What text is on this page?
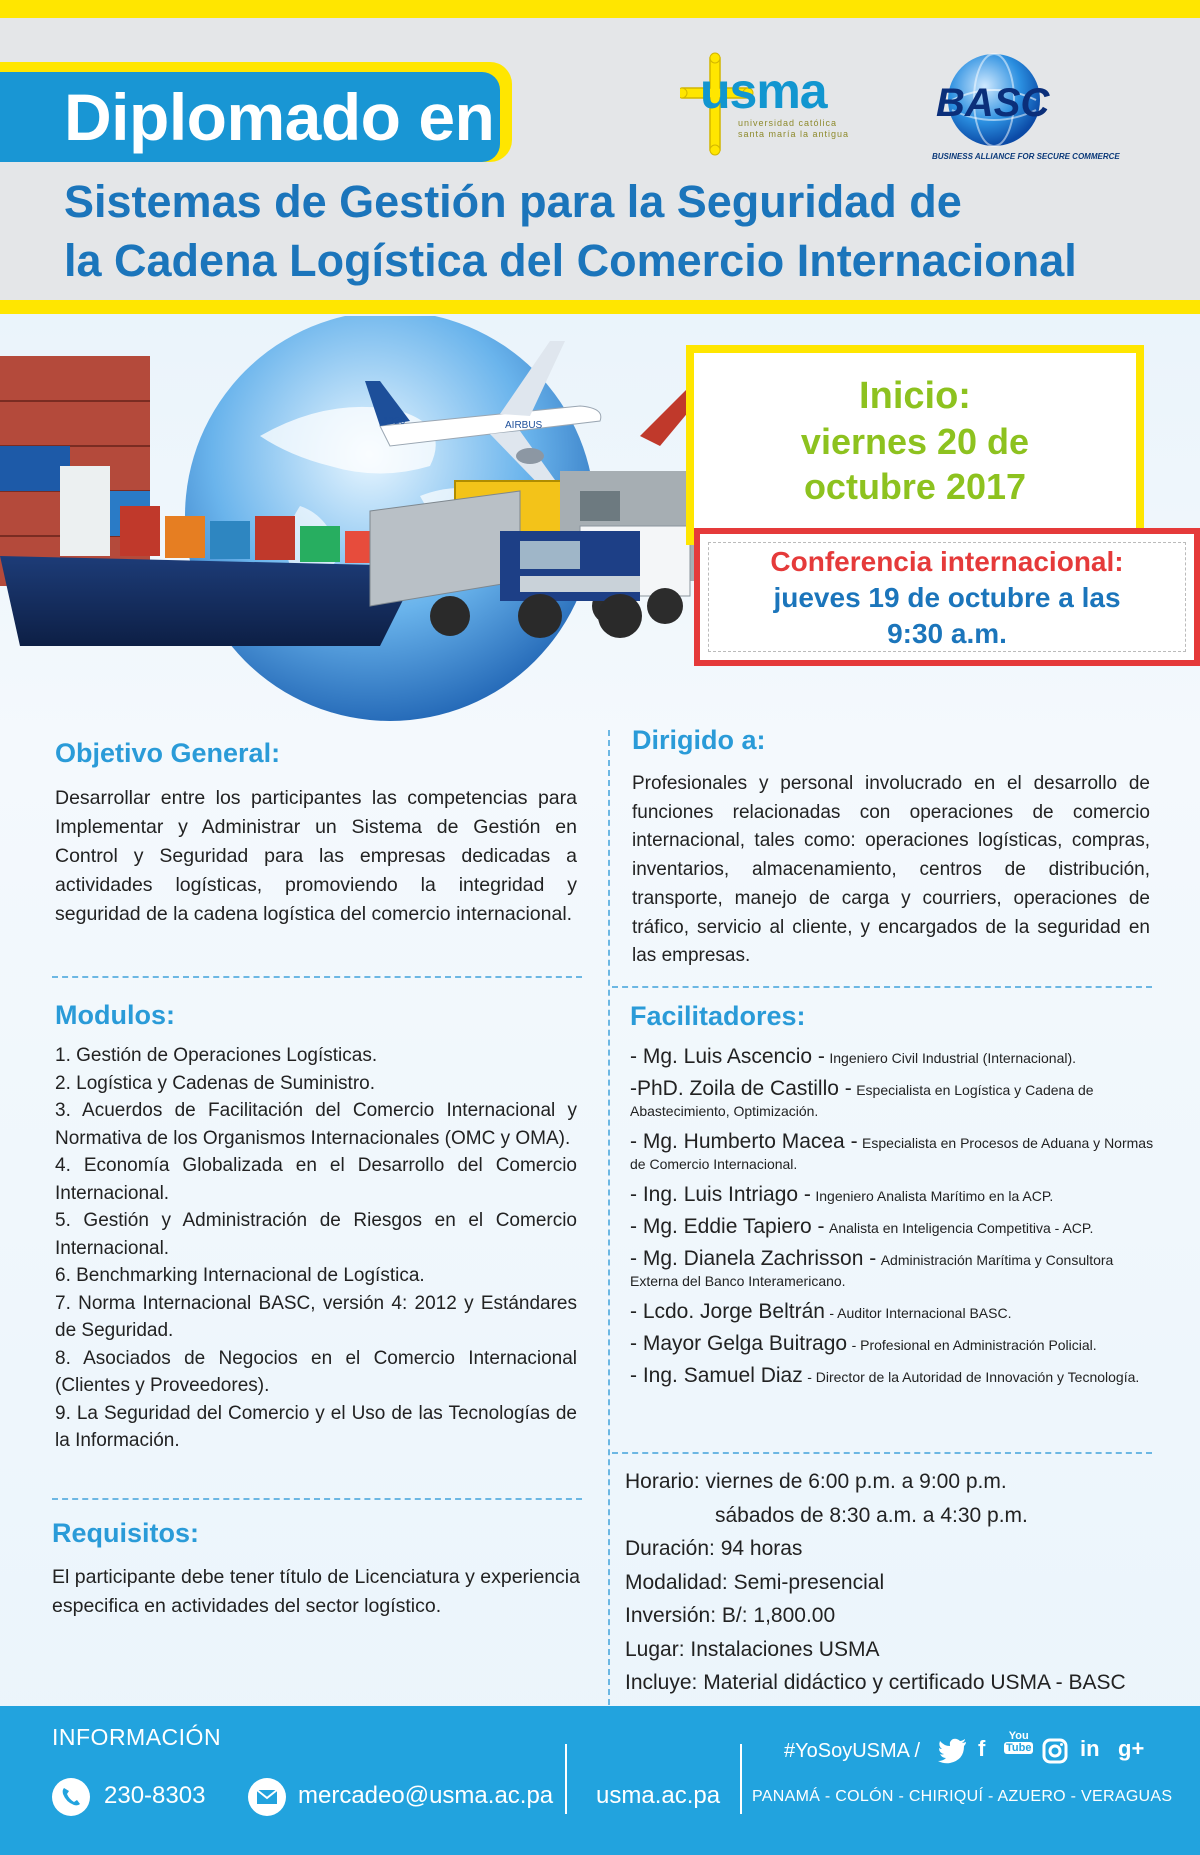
Diplomado en
Sistemas de Gestión para la Seguridad de
la Cadena Logística del Comercio Internacional
usma
universidad católica
santa maría la antigua
BASC
BUSINESS ALLIANCE FOR SECURE COMMERCE
A320	AIRBUS
Inicio:
viernes 20 de
octubre 2017
Conferencia internacional:
jueves 19 de octubre a las
9:30 a.m.
Objetivo General:
Desarrollar entre los participantes las competencias para Implementar y Administrar un Sistema de Gestión en Control y Seguridad para las empresas dedicadas a actividades logísticas, promoviendo la integridad y seguridad de la cadena logística del comercio internacional.
Modulos:
1. Gestión de Operaciones Logísticas.
2. Logística y Cadenas de Suministro.
3. Acuerdos de Facilitación del Comercio Internacional y Normativa de los Organismos Internacionales (OMC y OMA).
4. Economía Globalizada en el Desarrollo del Comercio Internacional.
5. Gestión y Administración de Riesgos en el Comercio Internacional.
6. Benchmarking Internacional de Logística.
7. Norma Internacional BASC, versión 4: 2012 y Estándares de Seguridad.
8. Asociados de Negocios en el Comercio Internacional (Clientes y Proveedores).
9. La Seguridad del Comercio y el Uso de las Tecnologías de la Información.
Requisitos:
El participante debe tener título de Licenciatura y experiencia especifica en actividades del sector logístico.
Dirigido a:
Profesionales y personal involucrado en el desarrollo de funciones relacionadas con operaciones de comercio internacional, tales como: operaciones logísticas, compras, inventarios, almacenamiento, centros de distribución, transporte, manejo de carga y courriers, operaciones de tráfico, servicio al cliente, y encargados de la seguridad en las empresas.
Facilitadores:
- Mg. Luis Ascencio - Ingeniero Civil Industrial (Internacional).
-PhD. Zoila de Castillo - Especialista en Logística y Cadena de Abastecimiento, Optimización.
- Mg. Humberto Macea - Especialista en Procesos de Aduana y Normas de Comercio Internacional.
- Ing. Luis Intriago - Ingeniero Analista Marítimo en la ACP.
- Mg. Eddie Tapiero - Analista en Inteligencia Competitiva - ACP.
- Mg. Dianela Zachrisson - Administración Marítima y Consultora Externa del Banco Interamericano.
- Lcdo. Jorge Beltrán - Auditor Internacional BASC.
- Mayor Gelga Buitrago - Profesional en Administración Policial.
- Ing. Samuel Diaz - Director de la Autoridad de Innovación y Tecnología.
Horario: viernes de 6:00 p.m. a 9:00 p.m.
sábados de 8:30 a.m. a 4:30 p.m.
Duración: 94 horas
Modalidad: Semi-presencial
Inversión: B/: 1,800.00
Lugar: Instalaciones USMA
Incluye: Material didáctico y certificado USMA - BASC
INFORMACIÓN
230-8303	mercadeo@usma.ac.pa usma.ac.pa
#YoSoyUSMA /	f	You
Tube in g+
PANAMÁ - COLÓN - CHIRIQUÍ - AZUERO - VERAGUAS
